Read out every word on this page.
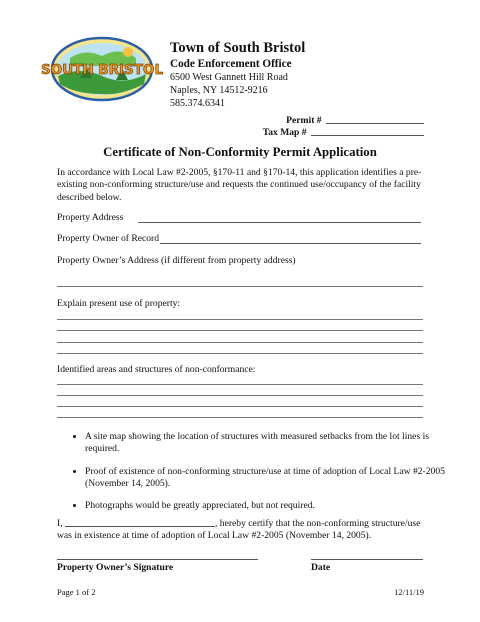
SOUTH BRISTOL
Town of South Bristol
Code Enforcement Office
6500 West Gannett Hill Road
Naples, NY 14512-9216
585.374.6341
Permit #
Tax Map #
Certificate of Non-Conformity Permit Application
In accordance with Local Law #2-2005, §170-11 and §170-14, this application identifies a pre-existing non-conforming structure/use and requests the continued use/occupancy of the facility described below.
Property Address
Property Owner of Record
Property Owner’s Address (if different from property address)
Explain present use of property:
Identified areas and structures of non-conformance:
• A site map showing the location of structures with measured setbacks from the lot lines is required.
• Proof of existence of non-conforming structure/use at time of adoption of Local Law #2-2005 (November 14, 2005).
• Photographs would be greatly appreciated, but not required.
I,	, hereby certify that the non-conforming structure/use was in existence at time of adoption of Local Law #2-2005 (November 14, 2005).
Property Owner’s Signature	Date
Page 1 of 2	12/11/19
